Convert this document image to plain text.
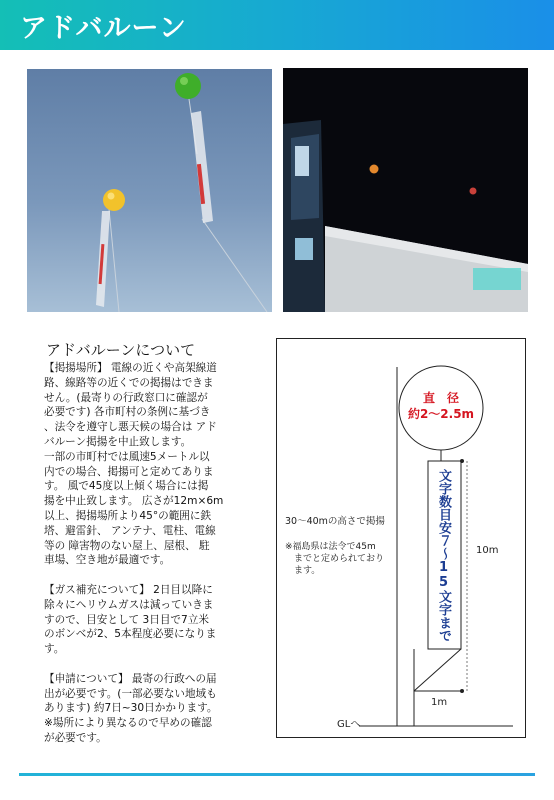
アドバルーン
アドバルーンについて

【掲揚場所】 電線の近くや高架線道
路、線路等の近くでの掲揚はできま
せん。(最寄りの行政窓口に確認が
必要です) 各市町村の条例に基づき
、法令を遵守し悪天候の場合は アド
バルーン掲揚を中止致します。
一部の市町村では風速5メートル以
内での場合、掲揚可と定めてありま
す。 風で45度以上傾く場合には掲
揚を中止致します。 広さが12m×6m
以上、掲揚場所より45°の範囲に鉄
塔、避雷針、 アンテナ、電柱、電線
等の 障害物のない屋上、屋根、 駐
車場、空き地が最適です。

【ガス補充について】 2日目以降に
除々にヘリウムガスは減っていきま
すので、目安として 3日目で7立米
のボンベが2、5本程度必要になりま
す。

【申請について】 最寄の行政への届
出が必要です。(一部必要ない地域も
あります) 約7日~30日かかります。
※場所により異なるので早めの確認
が必要です。

直　径
約2〜2.5m
文字数目安７〜15文字まで
30〜40mの高さで掲揚
※福島県は法令で45m
　までと定められており
　ます。
10m
1m
GLへ
